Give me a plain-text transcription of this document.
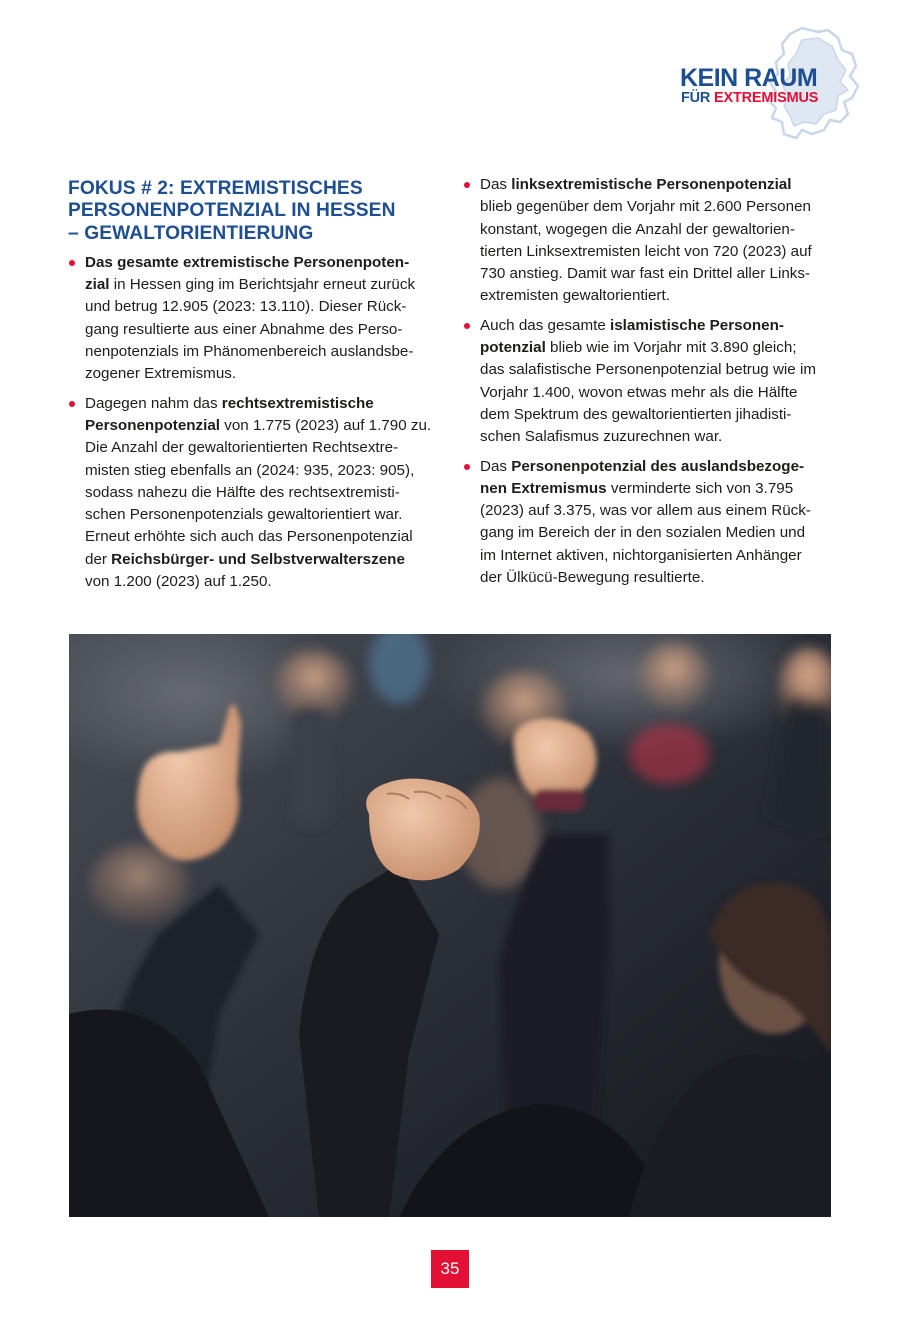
KEIN RAUM
FÜR EXTREMISMUS
FOKUS # 2: EXTREMISTISCHES
PERSONENPOTENZIAL IN HESSEN
– GEWALTORIENTIERUNG
Das gesamte extremistische Personenpoten-
zial in Hessen ging im Berichtsjahr erneut zurück
und betrug 12.905 (2023: 13.110). Dieser Rück-
gang resultierte aus einer Abnahme des Perso-
nenpotenzials im Phänomenbereich auslandsbe-
zogener Extremismus.
Dagegen nahm das rechtsextremistische
Personenpotenzial von 1.775 (2023) auf 1.790 zu.
Die Anzahl der gewaltorientierten Rechtsextre-
misten stieg ebenfalls an (2024: 935, 2023: 905),
sodass nahezu die Hälfte des rechtsextremisti-
schen Personenpotenzials gewaltorientiert war.
Erneut erhöhte sich auch das Personenpotenzial
der Reichsbürger- und Selbstverwalterszene
von 1.200 (2023) auf 1.250.
Das linksextremistische Personenpotenzial
blieb gegenüber dem Vorjahr mit 2.600 Personen
konstant, wogegen die Anzahl der gewaltorien-
tierten Linksextremisten leicht von 720 (2023) auf
730 anstieg. Damit war fast ein Drittel aller Links-
extremisten gewaltorientiert.
Auch das gesamte islamistische Personen-
potenzial blieb wie im Vorjahr mit 3.890 gleich;
das salafistische Personenpotenzial betrug wie im
Vorjahr 1.400, wovon etwas mehr als die Hälfte
dem Spektrum des gewaltorientierten jihadisti-
schen Salafismus zuzurechnen war.
Das Personenpotenzial des auslandsbezoge-
nen Extremismus verminderte sich von 3.795
(2023) auf 3.375, was vor allem aus einem Rück-
gang im Bereich der in den sozialen Medien und
im Internet aktiven, nichtorganisierten Anhänger
der Ülkücü-Bewegung resultierte.
35
